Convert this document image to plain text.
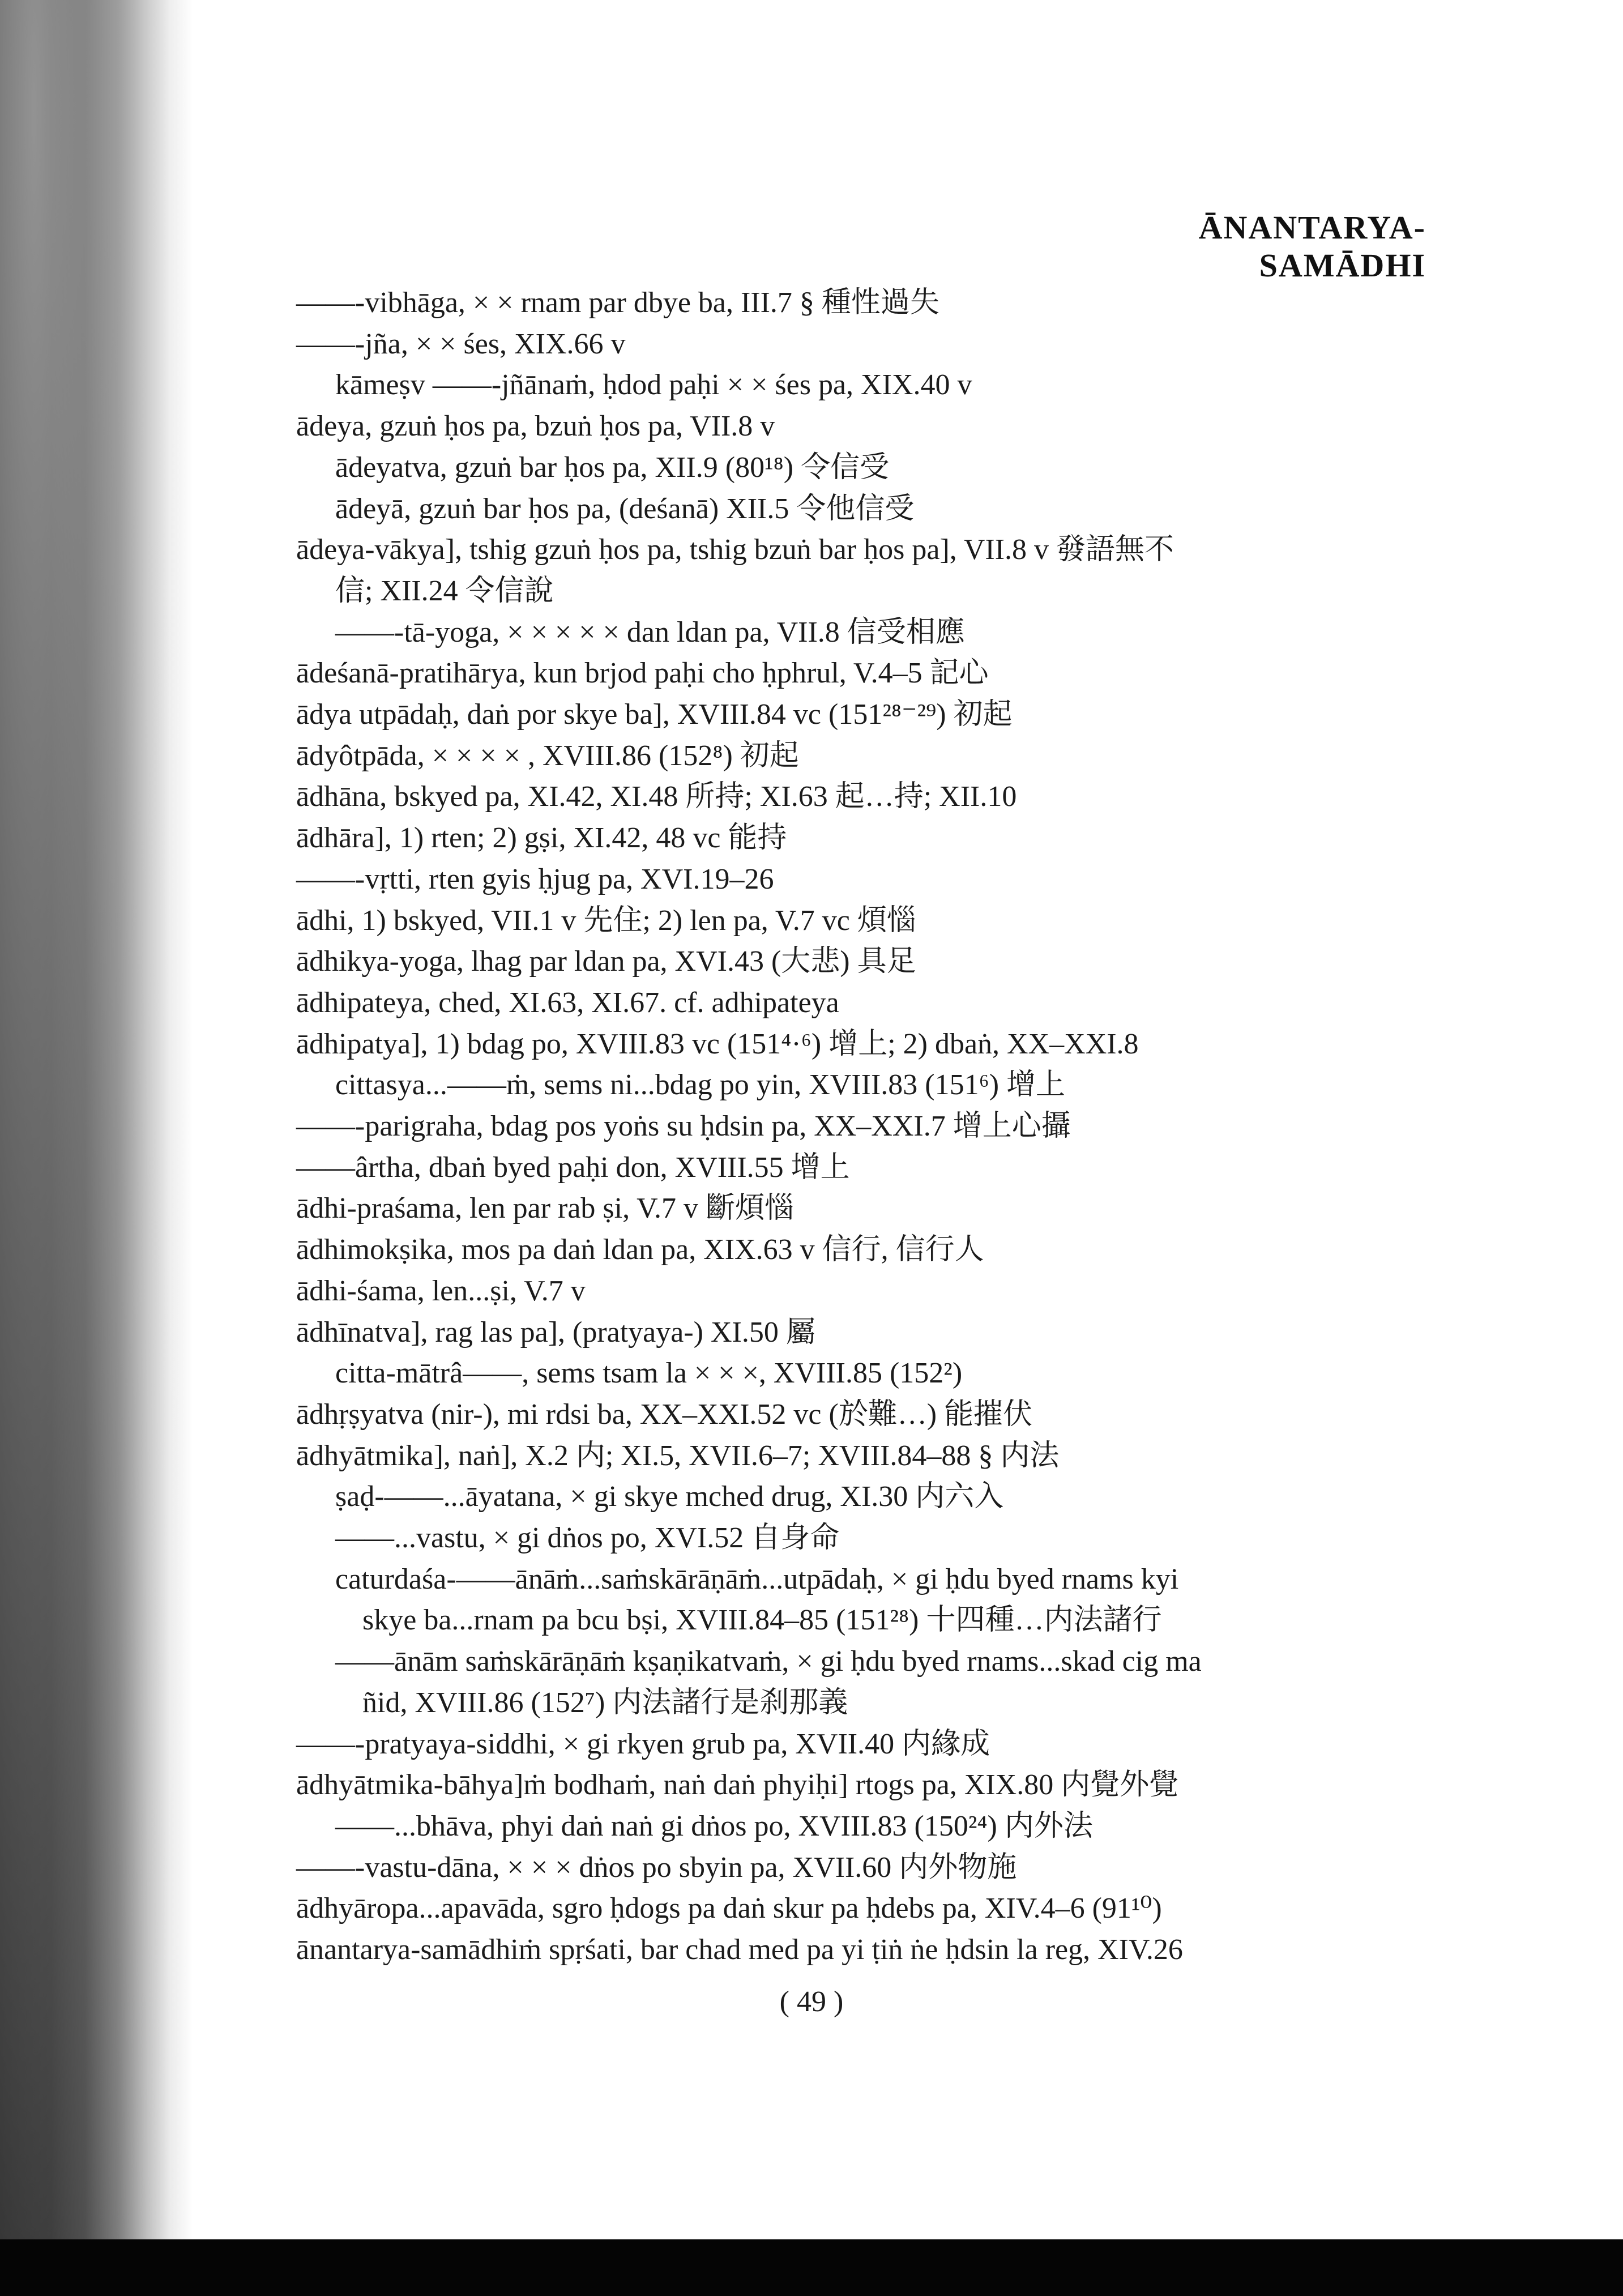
ĀNANTARYA-SAMĀDHI
——-vibhāga, × × rnam par dbye ba, III.7 § 種性過失
——-jña, × × śes, XIX.66 v
kāmeṣv ——-jñānaṁ, ḥdod paḥi × × śes pa, XIX.40 v
ādeya, gzuṅ ḥos pa, bzuṅ ḥos pa, VII.8 v
ādeyatva, gzuṅ bar ḥos pa, XII.9 (80¹⁸) 令信受
ādeyā, gzuṅ bar ḥos pa, (deśanā) XII.5 令他信受
ādeya-vākya], tshig gzuṅ ḥos pa, tshig bzuṅ bar ḥos pa], VII.8 v 發語無不
信; XII.24 令信說
——-tā-yoga, × × × × × dan ldan pa, VII.8 信受相應
ādeśanā-pratihārya, kun brjod paḥi cho ḥphrul, V.4–5 記心
ādya utpādaḥ, daṅ por skye ba], XVIII.84 vc (151²⁸⁻²⁹) 初起
ādyôtpāda, × × × × , XVIII.86 (152⁸) 初起
ādhāna, bskyed pa, XI.42, XI.48 所持; XI.63 起…持; XII.10
ādhāra], 1) rten; 2) gṣi, XI.42, 48 vc 能持
——-vṛtti, rten gyis ḥjug pa, XVI.19–26
ādhi, 1) bskyed, VII.1 v 先住; 2) len pa, V.7 vc 煩惱
ādhikya-yoga, lhag par ldan pa, XVI.43 (大悲) 具足
ādhipateya, ched, XI.63, XI.67. cf. adhipateya
ādhipatya], 1) bdag po, XVIII.83 vc (151⁴·⁶) 增上; 2) dbaṅ, XX–XXI.8
cittasya...——ṁ, sems ni...bdag po yin, XVIII.83 (151⁶) 增上
——-parigraha, bdag pos yoṅs su ḥdsin pa, XX–XXI.7 增上心攝
——ârtha, dbaṅ byed paḥi don, XVIII.55 增上
ādhi-praśama, len par rab ṣi, V.7 v 斷煩惱
ādhimokṣika, mos pa daṅ ldan pa, XIX.63 v 信行, 信行人
ādhi-śama, len...ṣi, V.7 v
ādhīnatva], rag las pa], (pratyaya-) XI.50 屬
citta-mātrâ——, sems tsam la × × ×, XVIII.85 (152²)
ādhṛṣyatva (nir-), mi rdsi ba, XX–XXI.52 vc (於難…) 能摧伏
ādhyātmika], naṅ], X.2 内; XI.5, XVII.6–7; XVIII.84–88 § 内法
ṣaḍ-——...āyatana, × gi skye mched drug, XI.30 内六入
——...vastu, × gi dṅos po, XVI.52 自身命
caturdaśa-——ānāṁ...saṁskārāṇāṁ...utpādaḥ, × gi ḥdu byed rnams kyi
skye ba...rnam pa bcu bṣi, XVIII.84–85 (151²⁸) 十四種…内法諸行
——ānām saṁskārāṇāṁ kṣaṇikatvaṁ, × gi ḥdu byed rnams...skad cig ma
ñid, XVIII.86 (152⁷) 内法諸行是刹那義
——-pratyaya-siddhi, × gi rkyen grub pa, XVII.40 内緣成
ādhyātmika-bāhya]ṁ bodhaṁ, naṅ daṅ phyiḥi] rtogs pa, XIX.80 内覺外覺
——...bhāva, phyi daṅ naṅ gi dṅos po, XVIII.83 (150²⁴) 内外法
——-vastu-dāna, × × × dṅos po sbyin pa, XVII.60 内外物施
ādhyāropa...apavāda, sgro ḥdogs pa daṅ skur pa ḥdebs pa, XIV.4–6 (91¹⁰)
ānantarya-samādhiṁ spṛśati, bar chad med pa yi ṭiṅ ṅe ḥdsin la reg, XIV.26
( 49 )
